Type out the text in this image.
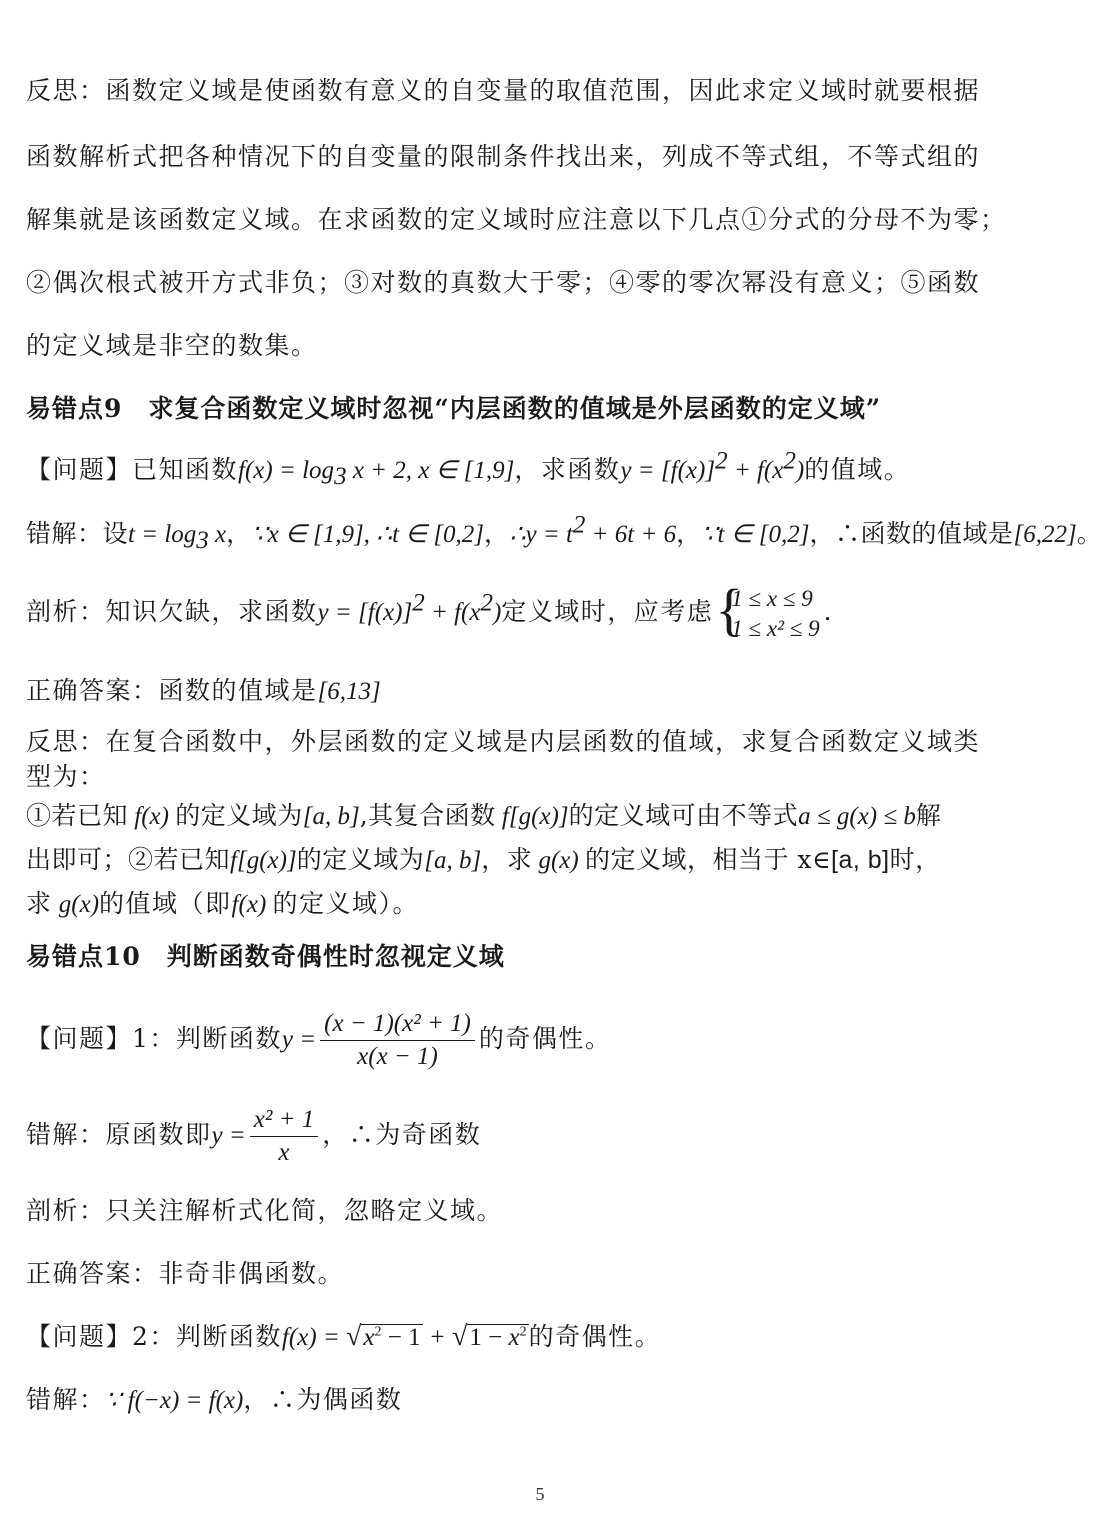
反思：函数定义域是使函数有意义的自变量的取值范围，因此求定义域时就要根据
函数解析式把各种情况下的自变量的限制条件找出来，列成不等式组，不等式组的
解集就是该函数定义域。在求函数的定义域时应注意以下几点①分式的分母不为零；
②偶次根式被开方式非负；③对数的真数大于零；④零的零次幂没有意义；⑤函数
的定义域是非空的数集。
易错点9　求复合函数定义域时忽视“内层函数的值域是外层函数的定义域”
【问题】已知函数$f(x) = \log_3 x + 2$, x ∈ [1,9]，求函数$y = [f(x)]^2 + f(x^2)$的值域。
错解：设$t = \log_3 x$，∵x ∈ [1,9], ∴t ∈ [0,2]，∴y = $t^2 + 6t + 6$，∵t ∈ [0,2]，∴函数的值域是[6,22]。
剖析：知识欠缺，求函数$y = [f(x)]^2 + f(x^2)$定义域时，应考虑 {
1 ≤ x ≤ 9
1 ≤ x² ≤ 9
.
正确答案：函数的值域是[6,13]
反思：在复合函数中，外层函数的定义域是内层函数的值域，求复合函数定义域类
型为：
①若已知 f(x) 的定义域为[a, b],其复合函数 f[g(x)]的定义域可由不等式a ≤ g(x) ≤ b解
出即可；②若已知f[g(x)]的定义域为[a, b]，求 g(x) 的定义域，相当于 x∈[a, b]时，
求 g(x)的值域（即f(x) 的定义域）。
易错点10　判断函数奇偶性时忽视定义域
【问题】1：判断函数$y = \frac{\text{(x − 1)(x² + 1)}}{x(x - 1)}$ 的奇偶性。
错解：原函数即$y = \frac{\text{x² + 1}}{x}$ ，∴为奇函数
剖析：只关注解析式化简，忽略定义域。
正确答案：非奇非偶函数。
【问题】2：判断函数$f(x) = √x^2 - 1 + √1 - x^2$的奇偶性。
错解：∵ f(−x) = f(x)，∴为偶函数
5
